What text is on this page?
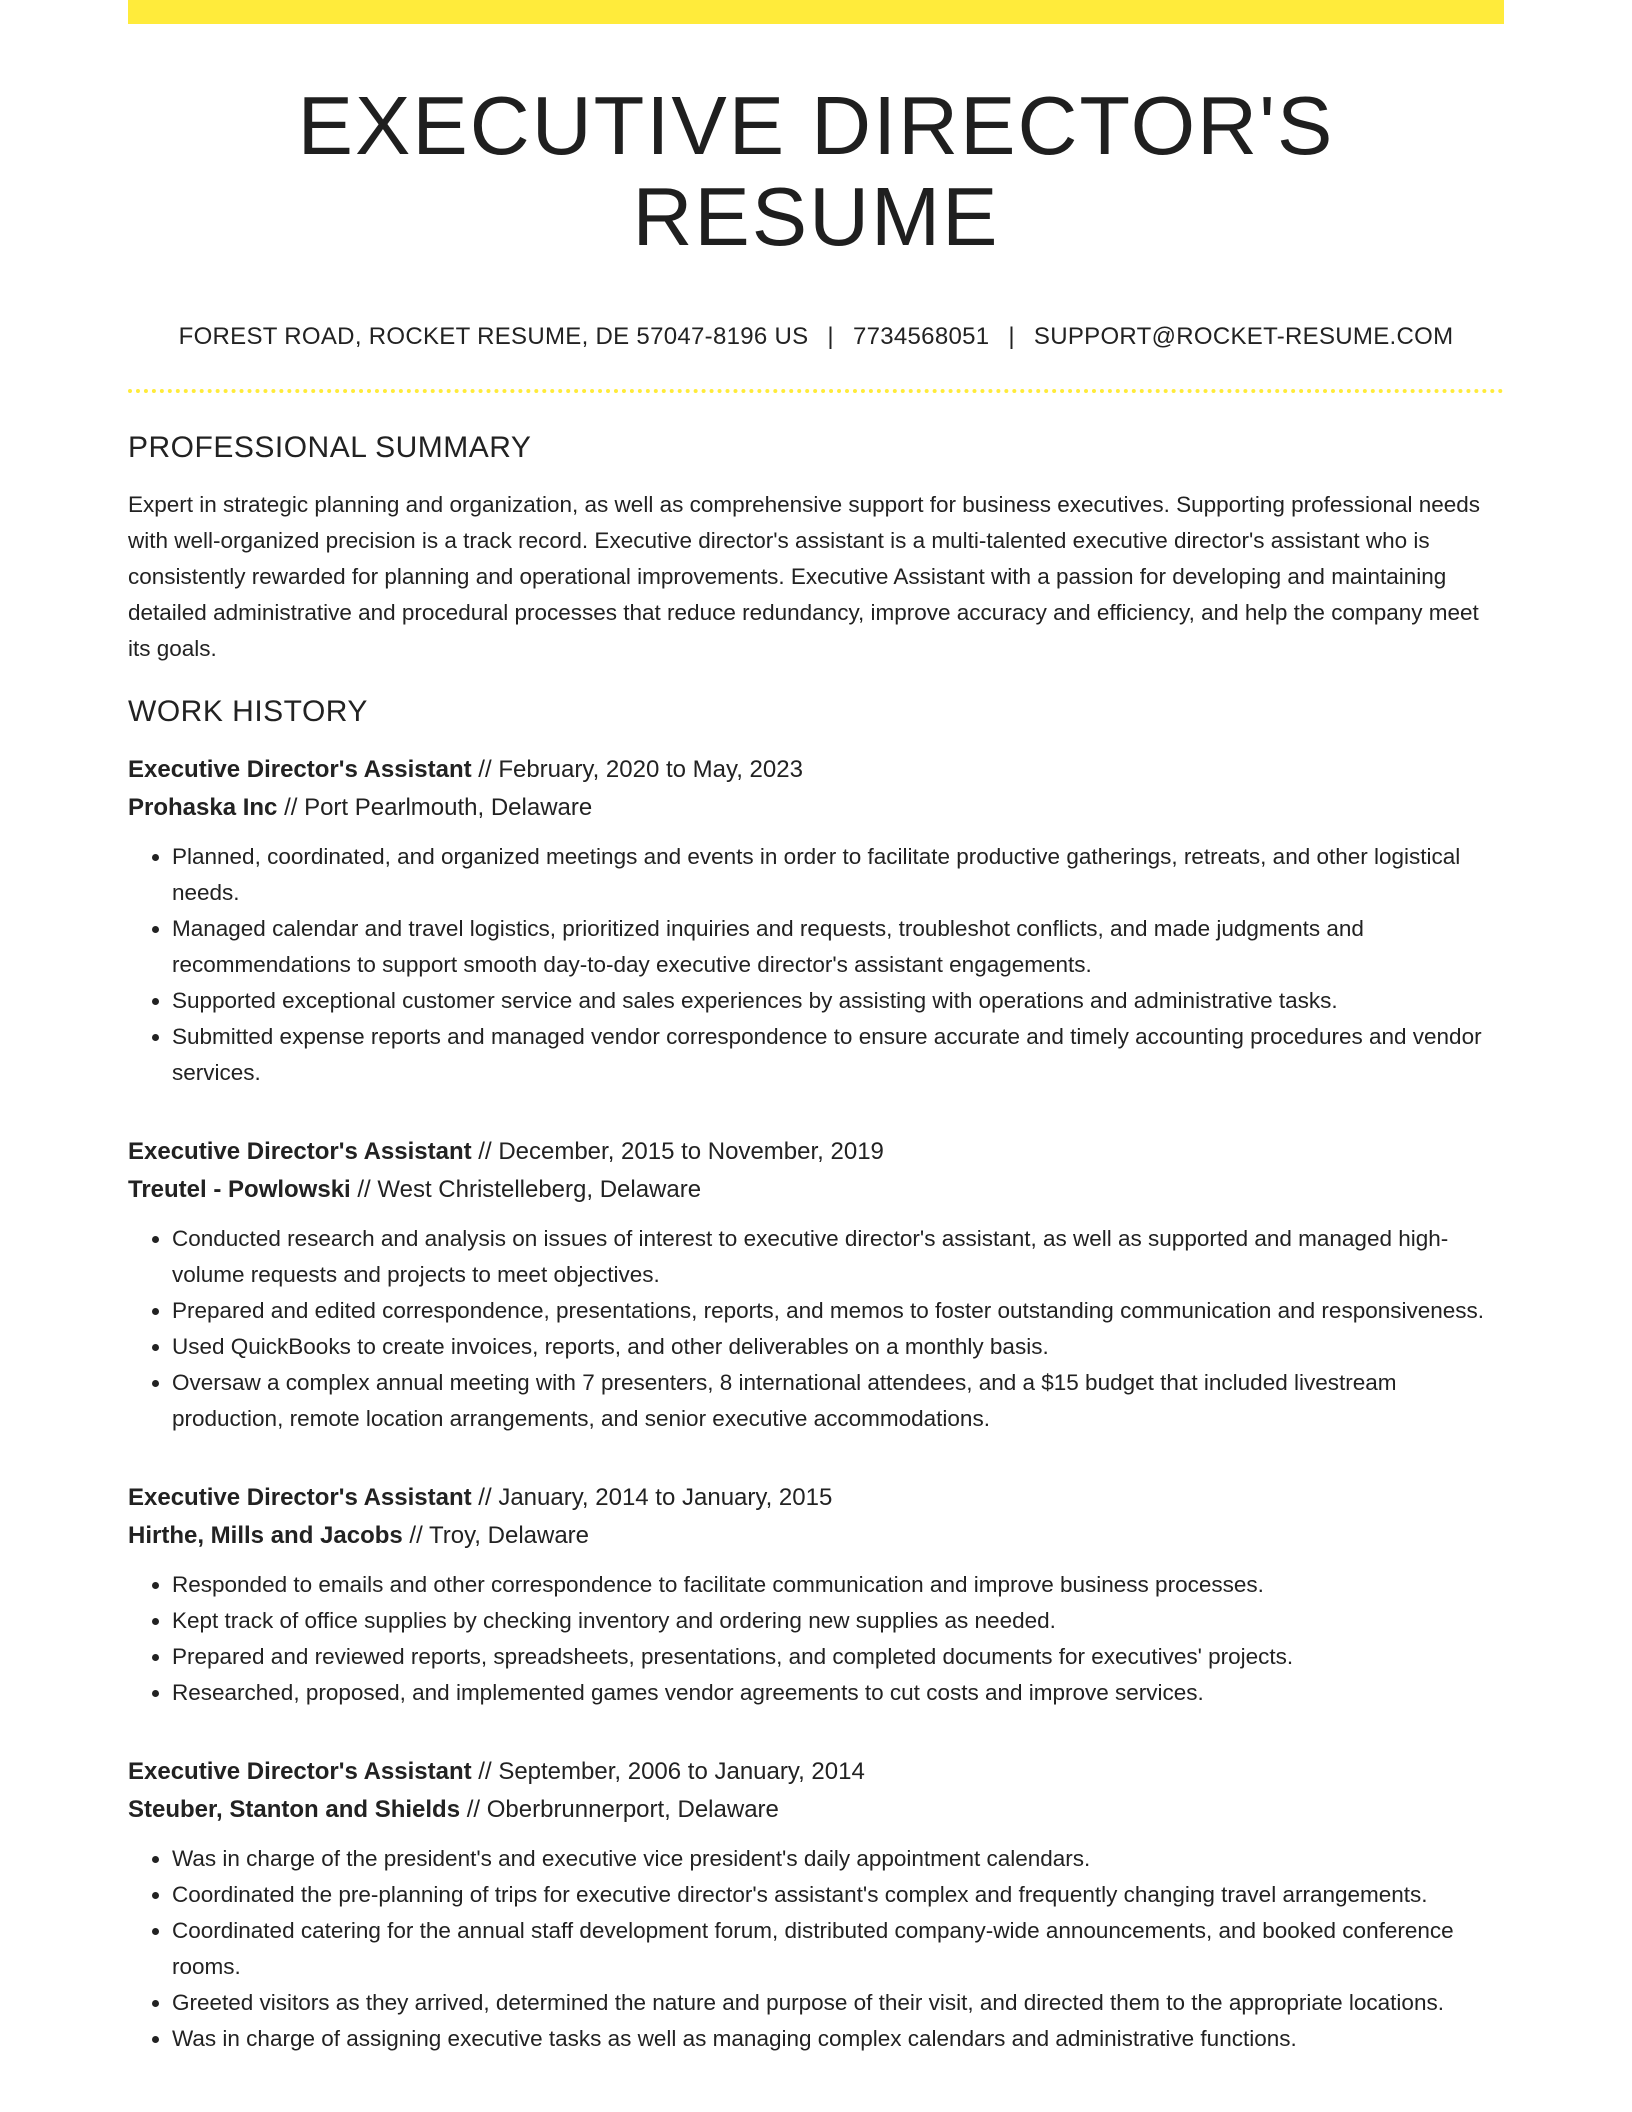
EXECUTIVE DIRECTOR'S RESUME
FOREST ROAD, ROCKET RESUME, DE 57047-8196 US | 7734568051 | SUPPORT@ROCKET-RESUME.COM
PROFESSIONAL SUMMARY

Expert in strategic planning and organization, as well as comprehensive support for business executives. Supporting professional needs with well-organized precision is a track record. Executive director's assistant is a multi-talented executive director's assistant who is consistently rewarded for planning and operational improvements. Executive Assistant with a passion for developing and maintaining detailed administrative and procedural processes that reduce redundancy, improve accuracy and efficiency, and help the company meet its goals.

WORK HISTORY
Executive Director's Assistant // February, 2020 to May, 2023
Prohaska Inc // Port Pearlmouth, Delaware
• Planned, coordinated, and organized meetings and events in order to facilitate productive gatherings, retreats, and other logistical needs.
• Managed calendar and travel logistics, prioritized inquiries and requests, troubleshot conflicts, and made judgments and recommendations to support smooth day-to-day executive director's assistant engagements.
• Supported exceptional customer service and sales experiences by assisting with operations and administrative tasks.
• Submitted expense reports and managed vendor correspondence to ensure accurate and timely accounting procedures and vendor services.
Executive Director's Assistant // December, 2015 to November, 2019
Treutel - Powlowski // West Christelleberg, Delaware
• Conducted research and analysis on issues of interest to executive director's assistant, as well as supported and managed high-volume requests and projects to meet objectives.
• Prepared and edited correspondence, presentations, reports, and memos to foster outstanding communication and responsiveness.
• Used QuickBooks to create invoices, reports, and other deliverables on a monthly basis.
• Oversaw a complex annual meeting with 7 presenters, 8 international attendees, and a $15 budget that included livestream production, remote location arrangements, and senior executive accommodations.
Executive Director's Assistant // January, 2014 to January, 2015
Hirthe, Mills and Jacobs // Troy, Delaware
• Responded to emails and other correspondence to facilitate communication and improve business processes.
• Kept track of office supplies by checking inventory and ordering new supplies as needed.
• Prepared and reviewed reports, spreadsheets, presentations, and completed documents for executives' projects.
• Researched, proposed, and implemented games vendor agreements to cut costs and improve services.
Executive Director's Assistant // September, 2006 to January, 2014
Steuber, Stanton and Shields // Oberbrunnerport, Delaware
• Was in charge of the president's and executive vice president's daily appointment calendars.
• Coordinated the pre-planning of trips for executive director's assistant's complex and frequently changing travel arrangements.
• Coordinated catering for the annual staff development forum, distributed company-wide announcements, and booked conference rooms.
• Greeted visitors as they arrived, determined the nature and purpose of their visit, and directed them to the appropriate locations.
• Was in charge of assigning executive tasks as well as managing complex calendars and administrative functions.
